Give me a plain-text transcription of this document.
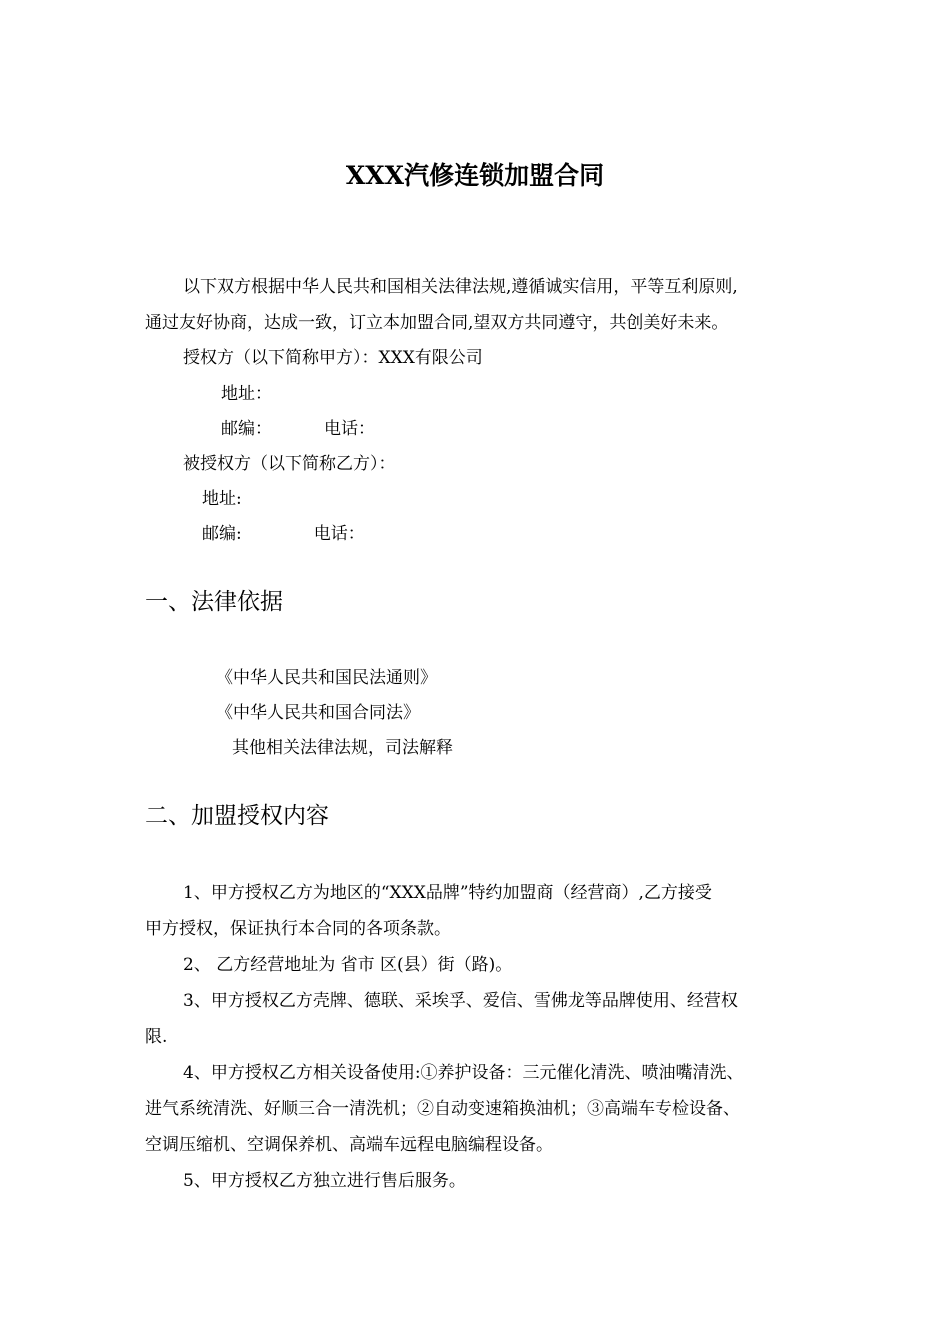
XXX汽修连锁加盟合同
以下双方根据中华人民共和国相关法律法规,遵循诚实信用，平等互利原则,
通过友好协商，达成一致，订立本加盟合同,望双方共同遵守，共创美好未来。
授权方（以下简称甲方）：XXX有限公司
地址：
邮编：	电话：
被授权方（以下简称乙方）：
地址:
邮编:	电话：
一、法律依据
《中华人民共和国民法通则》
《中华人民共和国合同法》
其他相关法律法规，司法解释
二、加盟授权内容
1、甲方授权乙方为地区的“XXX品牌”特约加盟商（经营商）,乙方接受
甲方授权，保证执行本合同的各项条款。
2、 乙方经营地址为 省市 区(县）街（路)。
3、甲方授权乙方壳牌、德联、采埃孚、爱信、雪佛龙等品牌使用、经营权
限.
4、甲方授权乙方相关设备使用:①养护设备：三元催化清洗、喷油嘴清洗、
进气系统清洗、好顺三合一清洗机；②自动变速箱换油机；③高端车专检设备、
空调压缩机、空调保养机、高端车远程电脑编程设备。
5、甲方授权乙方独立进行售后服务。
